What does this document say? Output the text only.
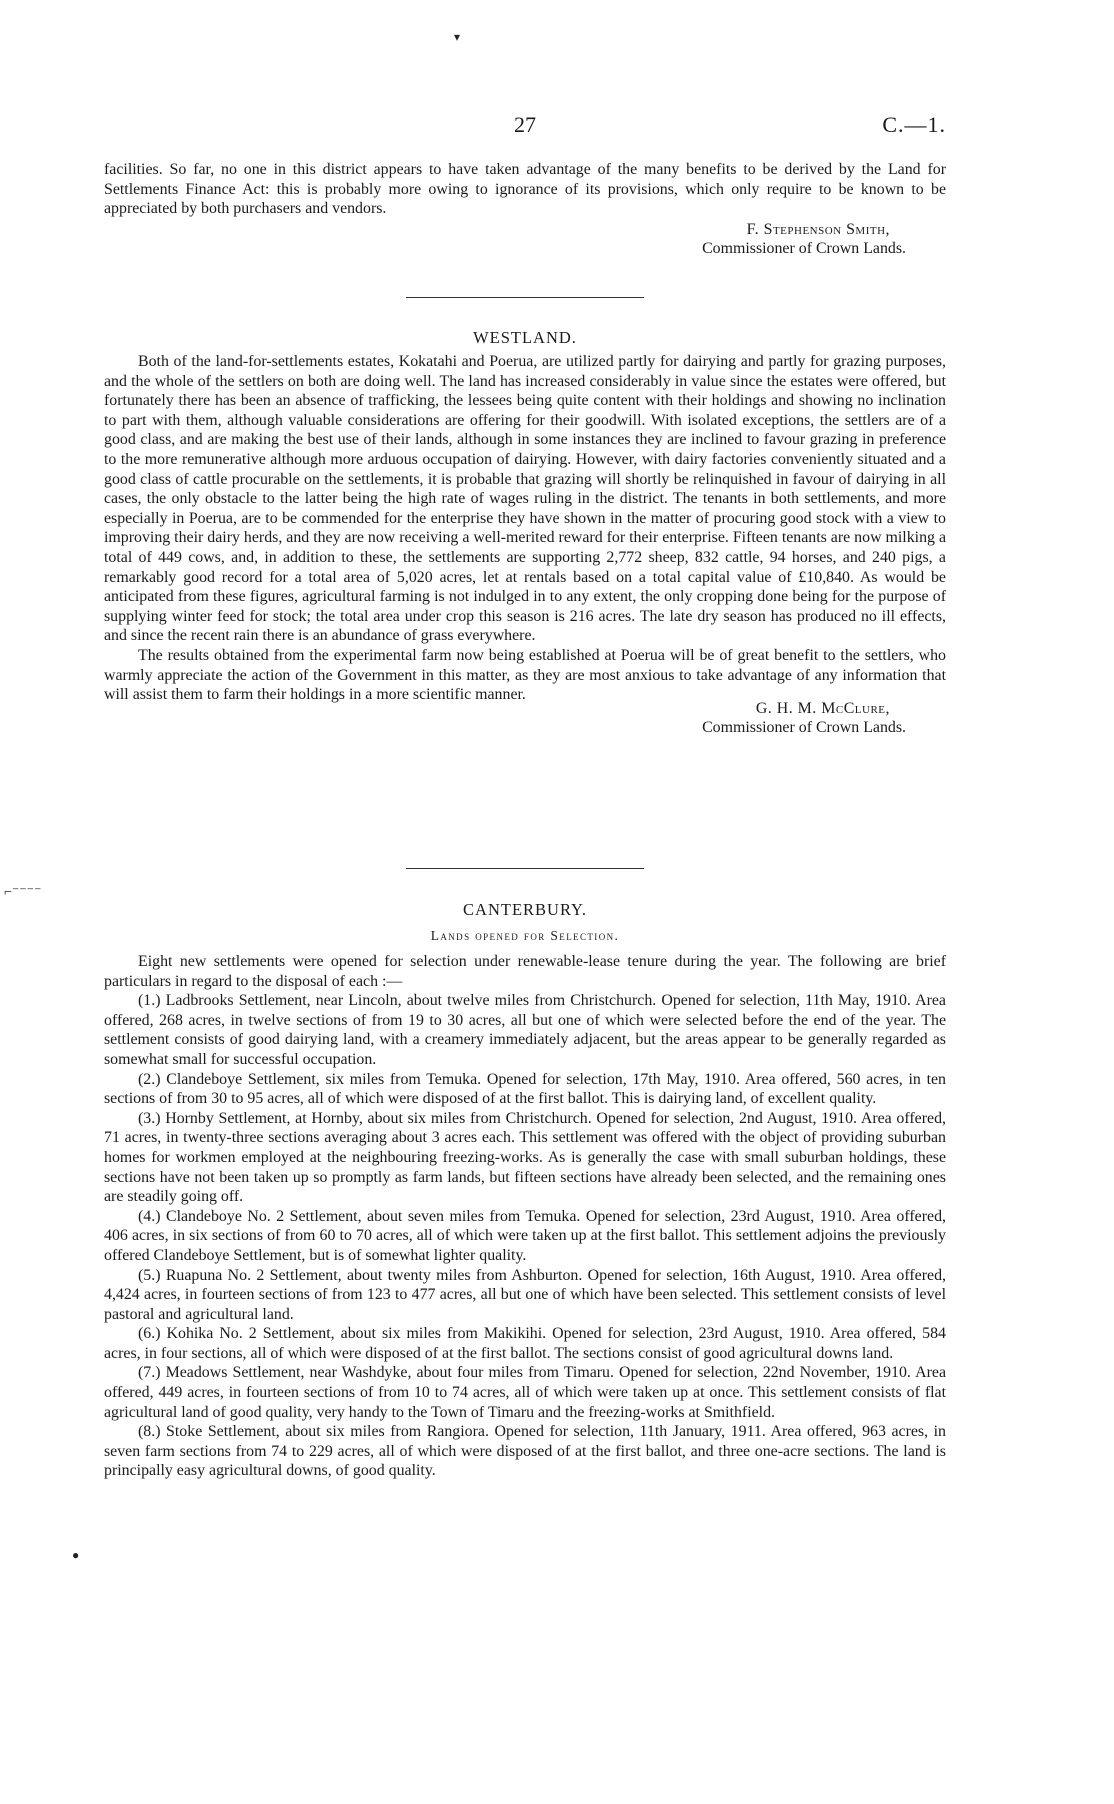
▾
27	C.—1.

facilities. So far, no one in this district appears to have taken advantage of the many benefits to be derived by the Land for Settlements Finance Act: this is probably more owing to ignorance of its provisions, which only require to be known to be appreciated by both purchasers and vendors.

F. Stephenson Smith,
Commissioner of Crown Lands.
WESTLAND.

Both of the land-for-settlements estates, Kokatahi and Poerua, are utilized partly for dairying and partly for grazing purposes, and the whole of the settlers on both are doing well. The land has increased considerably in value since the estates were offered, but fortunately there has been an absence of trafficking, the lessees being quite content with their holdings and showing no inclination to part with them, although valuable considerations are offering for their goodwill. With isolated exceptions, the settlers are of a good class, and are making the best use of their lands, although in some instances they are inclined to favour grazing in preference to the more remunerative although more arduous occupation of dairying. However, with dairy factories conveniently situated and a good class of cattle procurable on the settlements, it is probable that grazing will shortly be relinquished in favour of dairying in all cases, the only obstacle to the latter being the high rate of wages ruling in the district. The tenants in both settlements, and more especially in Poerua, are to be commended for the enterprise they have shown in the matter of procuring good stock with a view to improving their dairy herds, and they are now receiving a well-merited reward for their enterprise. Fifteen tenants are now milking a total of 449 cows, and, in addition to these, the settlements are supporting 2,772 sheep, 832 cattle, 94 horses, and 240 pigs, a remarkably good record for a total area of 5,020 acres, let at rentals based on a total capital value of £10,840. As would be anticipated from these figures, agricultural farming is not indulged in to any extent, the only cropping done being for the purpose of supplying winter feed for stock; the total area under crop this season is 216 acres. The late dry season has produced no ill effects, and since the recent rain there is an abundance of grass everywhere.

The results obtained from the experimental farm now being established at Poerua will be of great benefit to the settlers, who warmly appreciate the action of the Government in this matter, as they are most anxious to take advantage of any information that will assist them to farm their holdings in a more scientific manner.

G. H. M. McClure,
Commissioner of Crown Lands.
⌐⁻⁻⁻⁻
CANTERBURY.
Lands opened for Selection.

Eight new settlements were opened for selection under renewable-lease tenure during the year. The following are brief particulars in regard to the disposal of each :—

(1.) Ladbrooks Settlement, near Lincoln, about twelve miles from Christchurch. Opened for selection, 11th May, 1910. Area offered, 268 acres, in twelve sections of from 19 to 30 acres, all but one of which were selected before the end of the year. The settlement consists of good dairying land, with a creamery immediately adjacent, but the areas appear to be generally regarded as somewhat small for successful occupation.

(2.) Clandeboye Settlement, six miles from Temuka. Opened for selection, 17th May, 1910. Area offered, 560 acres, in ten sections of from 30 to 95 acres, all of which were disposed of at the first ballot. This is dairying land, of excellent quality.

(3.) Hornby Settlement, at Hornby, about six miles from Christchurch. Opened for selection, 2nd August, 1910. Area offered, 71 acres, in twenty-three sections averaging about 3 acres each. This settlement was offered with the object of providing suburban homes for workmen employed at the neighbouring freezing-works. As is generally the case with small suburban holdings, these sections have not been taken up so promptly as farm lands, but fifteen sections have already been selected, and the remaining ones are steadily going off.

(4.) Clandeboye No. 2 Settlement, about seven miles from Temuka. Opened for selection, 23rd August, 1910. Area offered, 406 acres, in six sections of from 60 to 70 acres, all of which were taken up at the first ballot. This settlement adjoins the previously offered Clandeboye Settlement, but is of somewhat lighter quality.

(5.) Ruapuna No. 2 Settlement, about twenty miles from Ashburton. Opened for selection, 16th August, 1910. Area offered, 4,424 acres, in fourteen sections of from 123 to 477 acres, all but one of which have been selected. This settlement consists of level pastoral and agricultural land.

(6.) Kohika No. 2 Settlement, about six miles from Makikihi. Opened for selection, 23rd August, 1910. Area offered, 584 acres, in four sections, all of which were disposed of at the first ballot. The sections consist of good agricultural downs land.

(7.) Meadows Settlement, near Washdyke, about four miles from Timaru. Opened for selection, 22nd November, 1910. Area offered, 449 acres, in fourteen sections of from 10 to 74 acres, all of which were taken up at once. This settlement consists of flat agricultural land of good quality, very handy to the Town of Timaru and the freezing-works at Smithfield.

(8.) Stoke Settlement, about six miles from Rangiora. Opened for selection, 11th January, 1911. Area offered, 963 acres, in seven farm sections from 74 to 229 acres, all of which were disposed of at the first ballot, and three one-acre sections. The land is principally easy agricultural downs, of good quality.

●
